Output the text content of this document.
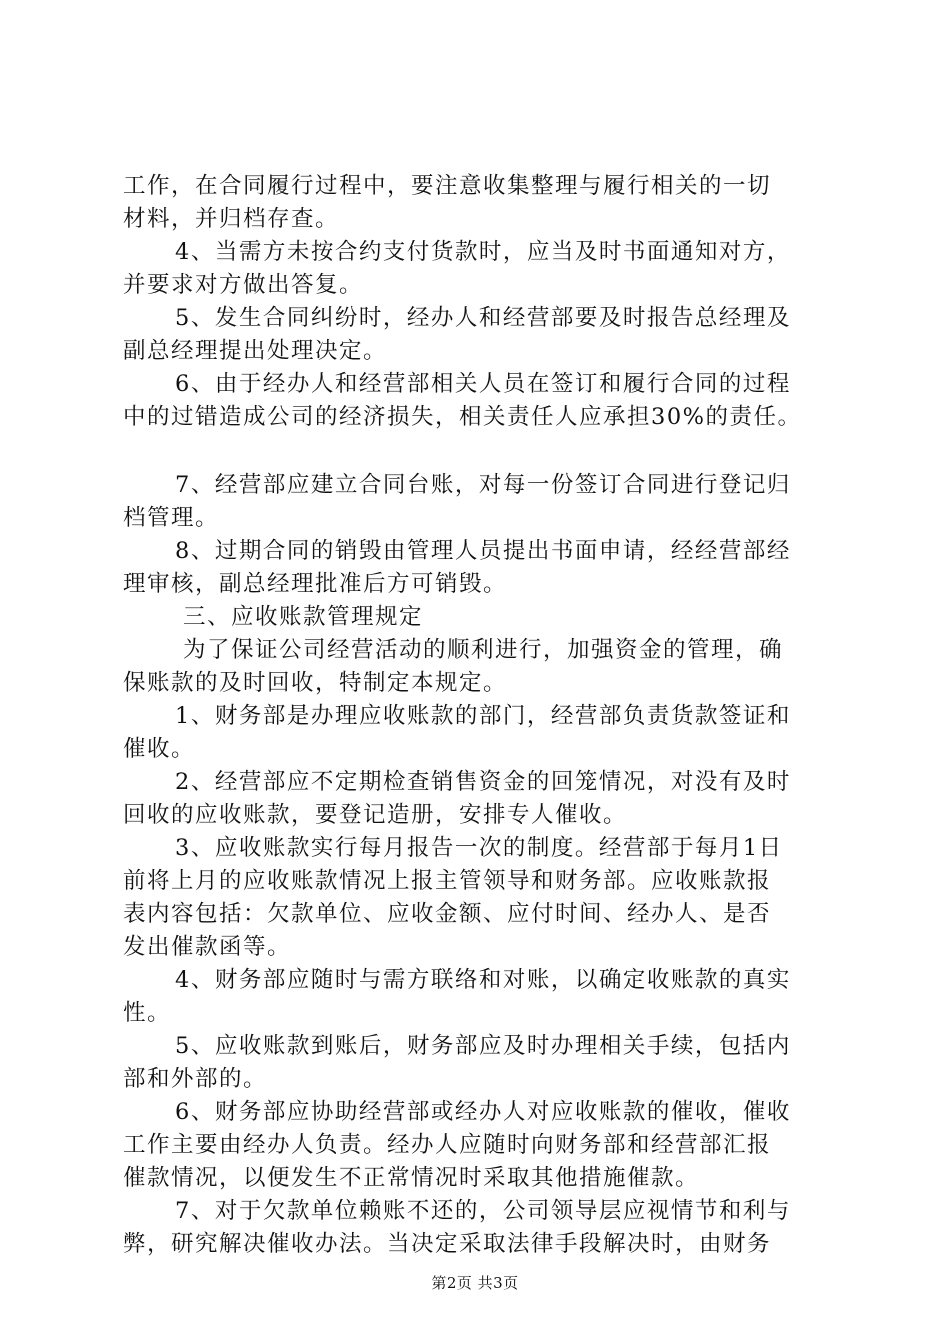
工作，在合同履行过程中，要注意收集整理与履行相关的一切
材料，并归档存查。
4、当需方未按合约支付货款时，应当及时书面通知对方，
并要求对方做出答复。
5、发生合同纠纷时，经办人和经营部要及时报告总经理及
副总经理提出处理决定。
6、由于经办人和经营部相关人员在签订和履行合同的过程
中的过错造成公司的经济损失，相关责任人应承担30%的责任。
7、经营部应建立合同台账，对每一份签订合同进行登记归
档管理。
8、过期合同的销毁由管理人员提出书面申请，经经营部经
理审核，副总经理批准后方可销毁。
三、应收账款管理规定
为了保证公司经营活动的顺利进行，加强资金的管理，确
保账款的及时回收，特制定本规定。
1、财务部是办理应收账款的部门，经营部负责货款签证和
催收。
2、经营部应不定期检查销售资金的回笼情况，对没有及时
回收的应收账款，要登记造册，安排专人催收。
3、应收账款实行每月报告一次的制度。经营部于每月1日
前将上月的应收账款情况上报主管领导和财务部。应收账款报
表内容包括：欠款单位、应收金额、应付时间、经办人、是否
发出催款函等。
4、财务部应随时与需方联络和对账，以确定收账款的真实
性。
5、应收账款到账后，财务部应及时办理相关手续，包括内
部和外部的。
6、财务部应协助经营部或经办人对应收账款的催收，催收
工作主要由经办人负责。经办人应随时向财务部和经营部汇报
催款情况，以便发生不正常情况时采取其他措施催款。
7、对于欠款单位赖账不还的，公司领导层应视情节和利与
弊，研究解决催收办法。当决定采取法律手段解决时，由财务
第2页 共3页
